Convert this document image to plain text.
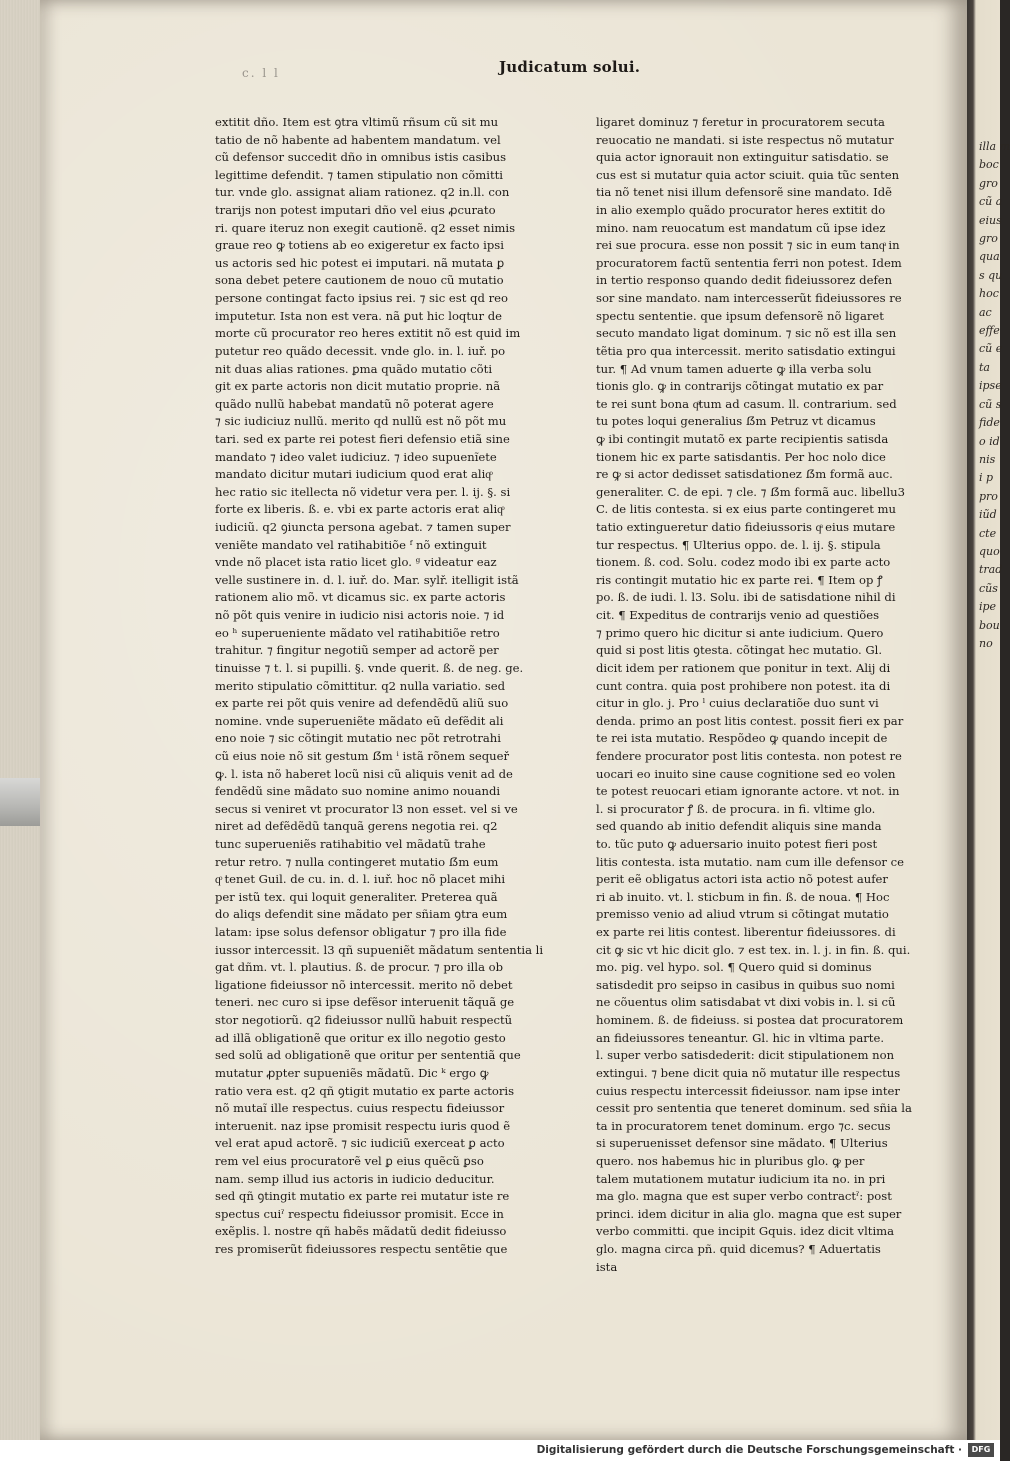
illa m
boc
gro
cũ a
eius
gro
qua
s qu
hoc
ac
effe
cũ e
ta
ipse
cũ s
fide
o id
nis
i p
pro
iũd
cte
quo
trad
cũs
ipe
bou
no
c. l l	Judicatum solui.
extitit dño. Item est ꝯtra vltimũ rñsum cũ sit mu
tatio de nõ habente ad habentem mandatum. vel
cũ defensor succedit dño in omnibus istis casibus
legittime defendit. ⁊ tamen stipulatio non cõmitti
tur. vnde glo. assignat aliam rationez. q2 in.ll. con
trarijs non potest imputari dño vel eius ꝓcurato
ri. quare iteruz non exegit cautionẽ. q2 esset nimis
graue reo ꝙ totiens ab eo exigeretur ex facto ipsi
us actoris sed hic potest ei imputari. nã mutata ꝑ
sona debet petere cautionem de nouo cũ mutatio
persone contingat facto ipsius rei. ⁊ sic est qd reo
imputetur. Ista non est vera. nã ꝑut hic loqtur de
morte cũ procurator reo heres extitit nõ est quid im
putetur reo quãdo decessit. vnde glo. in. l. iuř. po
nit duas alias rationes. ꝑma quãdo mutatio cõti
git ex parte actoris non dicit mutatio proprie. nã
quãdo nullũ habebat mandatũ nõ poterat agere
⁊ sic iudiciuz nullũ. merito qd nullũ est nõ põt mu
tari. sed ex parte rei potest fieri defensio etiã sine
mandato ⁊ ideo valet iudiciuz. ⁊ ideo supuenĩete
mandato dicitur mutari iudicium quod erat aliqͦ
hec ratio sic itellecta nõ videtur vera per. l. ij. §. si
forte ex liberis. ß. e. vbi ex parte actoris erat aliqͦ
iudiciũ. q2 ꝯiuncta persona agebat. ⁊ tamen super
veniẽte mandato vel ratihabitiõe ᶠ nõ extinguit
vnde nõ placet ista ratio licet glo. ᵍ videatur eaz
velle sustinere in. d. l. iuř. do. Mar. sylř. itelligit istã
rationem alio mõ. vt dicamus sic. ex parte actoris
nõ põt quis venire in iudicio nisi actoris noie. ⁊ id
eo ʰ superueniente mãdato vel ratihabitiõe retro
trahitur. ⁊ fingitur negotiũ semper ad actorẽ per
tinuisse ⁊ t. l. si pupilli. §. vnde querit. ß. de neg. ge.
merito stipulatio cõmittitur. q2 nulla variatio. sed
ex parte rei põt quis venire ad defendẽdũ aliũ suo
nomine. vnde superueniẽte mãdato eũ defẽdit ali
eno noie ⁊ sic cõtingit mutatio nec põt retrotrahi
cũ eius noie nõ sit gestum ẞm ⁱ istã rõnem sequeř
ꝙ. l. ista nõ haberet locũ nisi cũ aliquis venit ad de
fendẽdũ sine mãdato suo nomine animo nouandi
secus si veniret vt procurator l3 non esset. vel si ve
niret ad defẽdẽdũ tanquã gerens negotia rei. q2
tunc superueniẽs ratihabitio vel mãdatũ trahe
retur retro. ⁊ nulla contingeret mutatio ẞm eum
qͦ tenet Guil. de cu. in. d. l. iuř. hoc nõ placet mihi
per istũ tex. qui loquit generaliter. Preterea quã
do aliqs defendit sine mãdato per sñiam ꝯtra eum
latam: ipse solus defensor obligatur ⁊ pro illa fide
iussor intercessit. l3 qñ supueniẽt mãdatum sententia li
gat dñm. vt. l. plautius. ß. de procur. ⁊ pro illa ob
ligatione fideiussor nõ intercessit. merito nõ debet
teneri. nec curo si ipse defẽsor interuenit tãquã ge
stor negotiorũ. q2 fideiussor nullũ habuit respectũ
ad illã obligationẽ que oritur ex illo negotio gesto
sed solũ ad obligationẽ que oritur per sententiã que
mutatur ꝓpter supueniẽs mãdatũ. Dic ᵏ ergo ꝙ
ratio vera est. q2 qñ ꝯtigit mutatio ex parte actoris
nõ mutaĩ ille respectus. cuius respectu fideiussor
interuenit. naz ipse promisit respectu iuris quod ẽ
vel erat apud actorẽ. ⁊ sic iudiciũ exerceat ꝑ acto
rem vel eius procuratorẽ vel ꝑ eius quẽcũ ꝑso
nam. semp illud ius actoris in iudicio deducitur.
sed qñ ꝯtingit mutatio ex parte rei mutatur iste re
spectus cuiˀ respectu fideiussor promisit. Ecce in
exẽplis. l. nostre qñ habẽs mãdatũ dedit fideiusso
res promiserũt fideiussores respectu sentẽtie que
ligaret dominuz ⁊ feretur in procuratorem secuta
reuocatio ne mandati. si iste respectus nõ mutatur
quia actor ignorauit non extinguitur satisdatio. se
cus est si mutatur quia actor sciuit. quia tũc senten
tia nõ tenet nisi illum defensorẽ sine mandato. Idẽ
in alio exemplo quãdo procurator heres extitit do
mino. nam reuocatum est mandatum cũ ipse idez
rei sue procura. esse non possit ⁊ sic in eum tanqͣ in
procuratorem factũ sententia ferri non potest. Idem
in tertio responso quando dedit fideiussorez defen
sor sine mandato. nam intercesserũt fideiussores re
spectu sententie. que ipsum defensorẽ nõ ligaret
secuto mandato ligat dominum. ⁊ sic nõ est illa sen
tẽtia pro qua intercessit. merito satisdatio extingui
tur. ¶ Ad vnum tamen aduerte ꝙ illa verba solu
tionis glo. ꝙ in contrarijs cõtingat mutatio ex par
te rei sunt bona qͣtum ad casum. ll. contrarium. sed
tu potes loqui generalius ẞm Petruz vt dicamus
ꝙ ibi contingit mutatõ ex parte recipientis satisda
tionem hic ex parte satisdantis. Per hoc nolo dice
re ꝙ si actor dedisset satisdationez ẞm formã auc.
generaliter. C. de epi. ⁊ cle. ⁊ ẞm formã auc. libellu3
C. de litis contesta. si ex eius parte contingeret mu
tatio extingueretur datio fideiussoris qͣ eius mutare
tur respectus. ¶ Ulterius oppo. de. l. ij. §. stipula
tionem. ß. cod. Solu. codez modo ibi ex parte acto
ris contingit mutatio hic ex parte rei. ¶ Item op ꝭ
po. ß. de iudi. l. l3. Solu. ibi de satisdatione nihil di
cit. ¶ Expeditus de contrarijs venio ad questiões
⁊ primo quero hic dicitur si ante iudicium. Quero
quid si post litis ꝯtesta. cõtingat hec mutatio. Gl.
dicit idem per rationem que ponitur in text. Alij di
cunt contra. quia post prohibere non potest. ita di
citur in glo. j. Pro ˡ cuius declaratiõe duo sunt vi
denda. primo an post litis contest. possit fieri ex par
te rei ista mutatio. Respõdeo ꝙ quando incepit de
fendere procurator post litis contesta. non potest re
uocari eo inuito sine cause cognitione sed eo volen
te potest reuocari etiam ignorante actore. vt not. in
l. si procurator ꝭ ß. de procura. in fi. vltime glo.
sed quando ab initio defendit aliquis sine manda
to. tũc puto ꝙ aduersario inuito potest fieri post
litis contesta. ista mutatio. nam cum ille defensor ce
perit eẽ obligatus actori ista actio nõ potest aufer
ri ab inuito. vt. l. sticbum in fin. ß. de noua. ¶ Hoc
premisso venio ad aliud vtrum si cõtingat mutatio
ex parte rei litis contest. liberentur fideiussores. di
cit ꝙ sic vt hic dicit glo. ⁊ est tex. in. l. j. in fin. ß. qui.
mo. pig. vel hypo. sol. ¶ Quero quid si dominus
satisdedit pro seipso in casibus in quibus suo nomi
ne cõuentus olim satisdabat vt dixi vobis in. l. si cũ
hominem. ß. de fideiuss. si postea dat procuratorem
an fideiussores teneantur. Gl. hic in vltima parte.
l. super verbo satisdederit: dicit stipulationem non
extingui. ⁊ bene dicit quia nõ mutatur ille respectus
cuius respectu intercessit fideiussor. nam ipse inter
cessit pro sententia que teneret dominum. sed sñia la
ta in procuratorem tenet dominum. ergo ⁊c. secus
si superuenisset defensor sine mãdato. ¶ Ulterius
quero. nos habemus hic in pluribus glo. ꝙ per
talem mutationem mutatur iudicium ita no. in pri
ma glo. magna que est super verbo contractˀ: post
princi. idem dicitur in alia glo. magna que est super
verbo committi. que incipit Gquis. idez dicit vltima
glo. magna circa pñ. quid dicemus? ¶ Aduertatis
ista
Digitalisierung gefördert durch die Deutsche Forschungsgemeinschaft ·	DFG
